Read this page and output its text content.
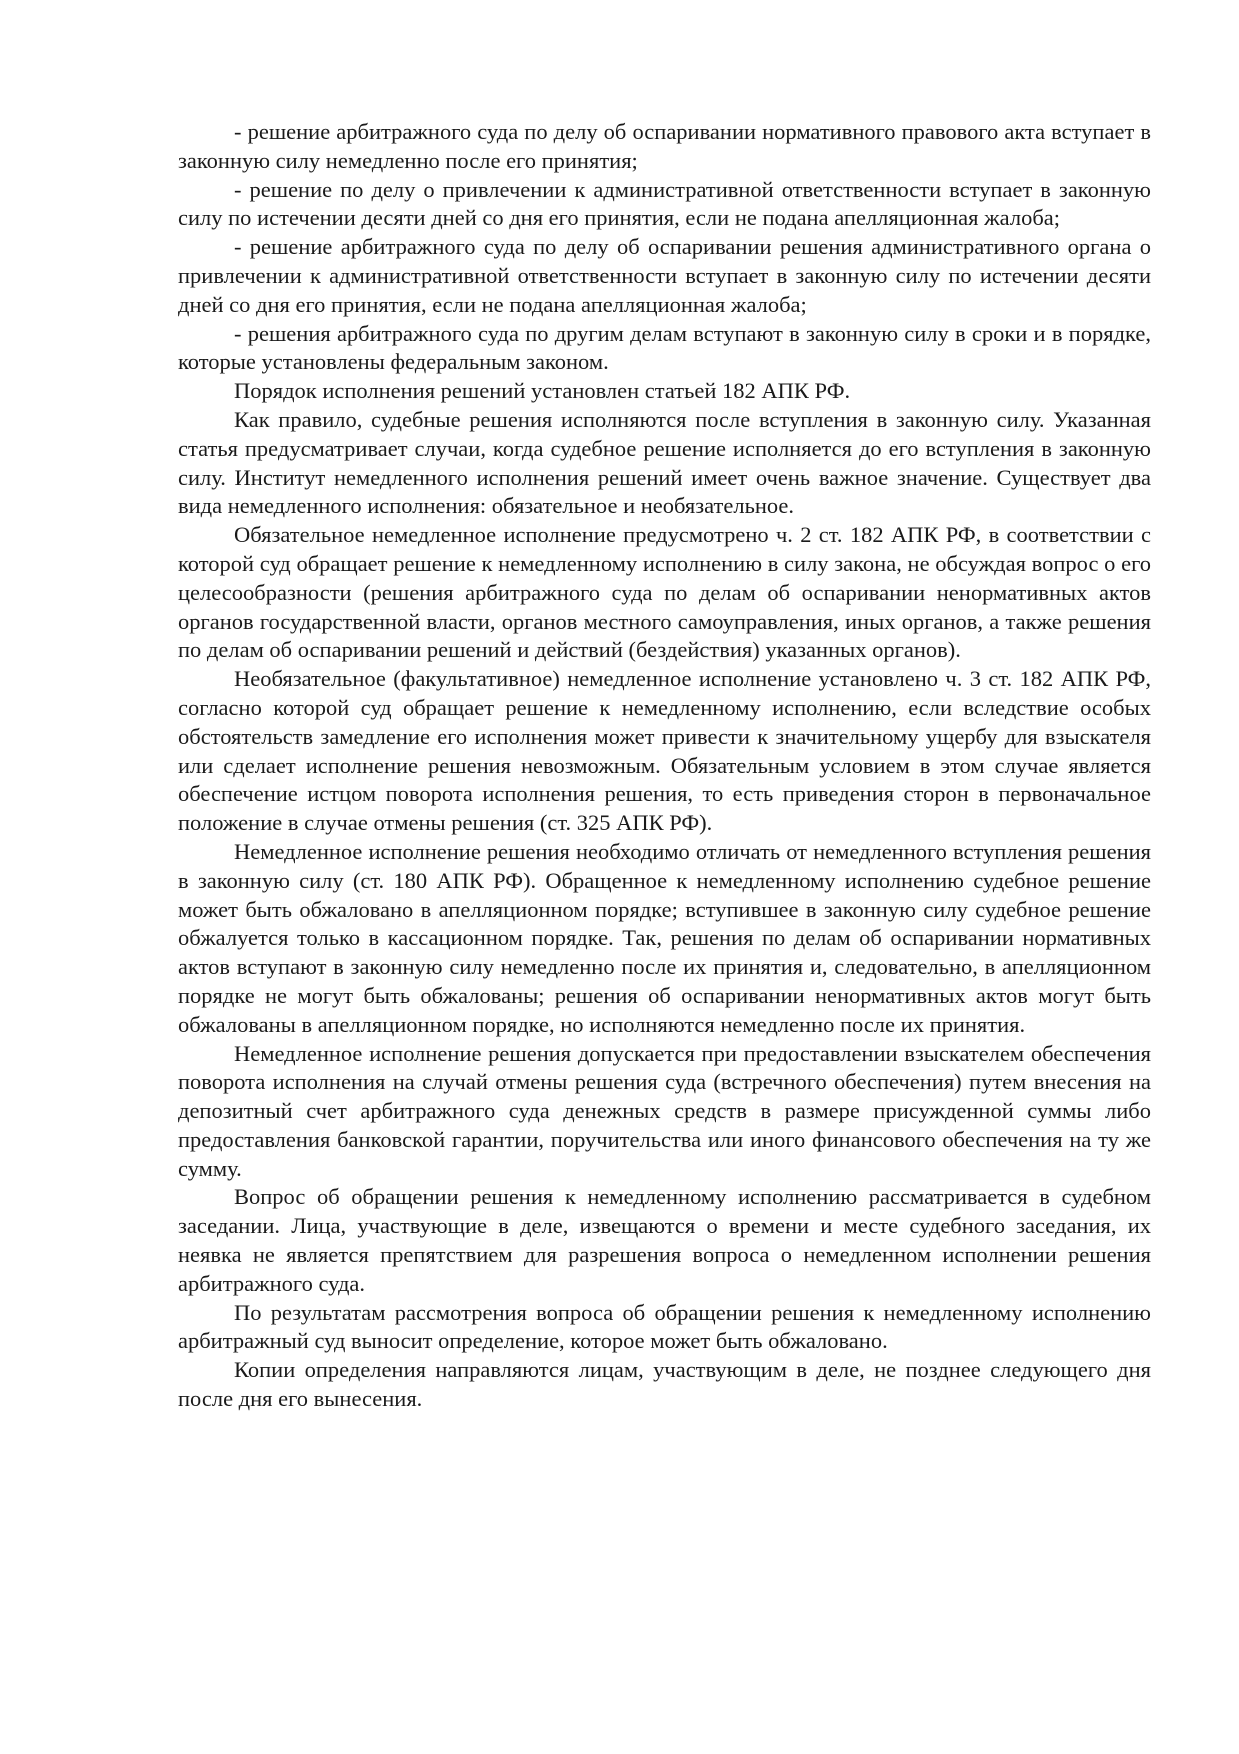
- решение арбитражного суда по делу об оспаривании нормативного правового акта вступает в законную силу немедленно после его принятия;

- решение по делу о привлечении к административной ответственности вступает в законную силу по истечении десяти дней со дня его принятия, если не подана апелляционная жалоба;

- решение арбитражного суда по делу об оспаривании решения административного органа о привлечении к административной ответственности вступает в законную силу по истечении десяти дней со дня его принятия, если не подана апелляционная жалоба;

- решения арбитражного суда по другим делам вступают в законную силу в сроки и в порядке, которые установлены федеральным законом.

Порядок исполнения решений установлен статьей 182 АПК РФ.

Как правило, судебные решения исполняются после вступления в законную силу. Указанная статья предусматривает случаи, когда судебное решение исполняется до его вступления в законную силу. Институт немедленного исполнения решений имеет очень важное значение. Существует два вида немедленного исполнения: обязательное и необязательное.

Обязательное немедленное исполнение предусмотрено ч. 2 ст. 182 АПК РФ, в соответствии с которой суд обращает решение к немедленному исполнению в силу закона, не обсуждая вопрос о его целесообразности (решения арбитражного суда по делам об оспаривании ненормативных актов органов государственной власти, органов местного самоуправления, иных органов, а также решения по делам об оспаривании решений и действий (бездействия) указанных органов).

Необязательное (факультативное) немедленное исполнение установлено ч. 3 ст. 182 АПК РФ, согласно которой суд обращает решение к немедленному исполнению, если вследствие особых обстоятельств замедление его исполнения может привести к значительному ущербу для взыскателя или сделает исполнение решения невозможным. Обязательным условием в этом случае является обеспечение истцом поворота исполнения решения, то есть приведения сторон в первоначальное положение в случае отмены решения (ст. 325 АПК РФ).

Немедленное исполнение решения необходимо отличать от немедленного вступления решения в законную силу (ст. 180 АПК РФ). Обращенное к немедленному исполнению судебное решение может быть обжаловано в апелляционном порядке; вступившее в законную силу судебное решение обжалуется только в кассационном порядке. Так, решения по делам об оспаривании нормативных актов вступают в законную силу немедленно после их принятия и, следовательно, в апелляционном порядке не могут быть обжалованы; решения об оспаривании ненормативных актов могут быть обжалованы в апелляционном порядке, но исполняются немедленно после их принятия.

Немедленное исполнение решения допускается при предоставлении взыскателем обеспечения поворота исполнения на случай отмены решения суда (встречного обеспечения) путем внесения на депозитный счет арбитражного суда денежных средств в размере присужденной суммы либо предоставления банковской гарантии, поручительства или иного финансового обеспечения на ту же сумму.

Вопрос об обращении решения к немедленному исполнению рассматривается в судебном заседании. Лица, участвующие в деле, извещаются о времени и месте судебного заседания, их неявка не является препятствием для разрешения вопроса о немедленном исполнении решения арбитражного суда.

По результатам рассмотрения вопроса об обращении решения к немедленному исполнению арбитражный суд выносит определение, которое может быть обжаловано.

Копии определения направляются лицам, участвующим в деле, не позднее следующего дня после дня его вынесения.
